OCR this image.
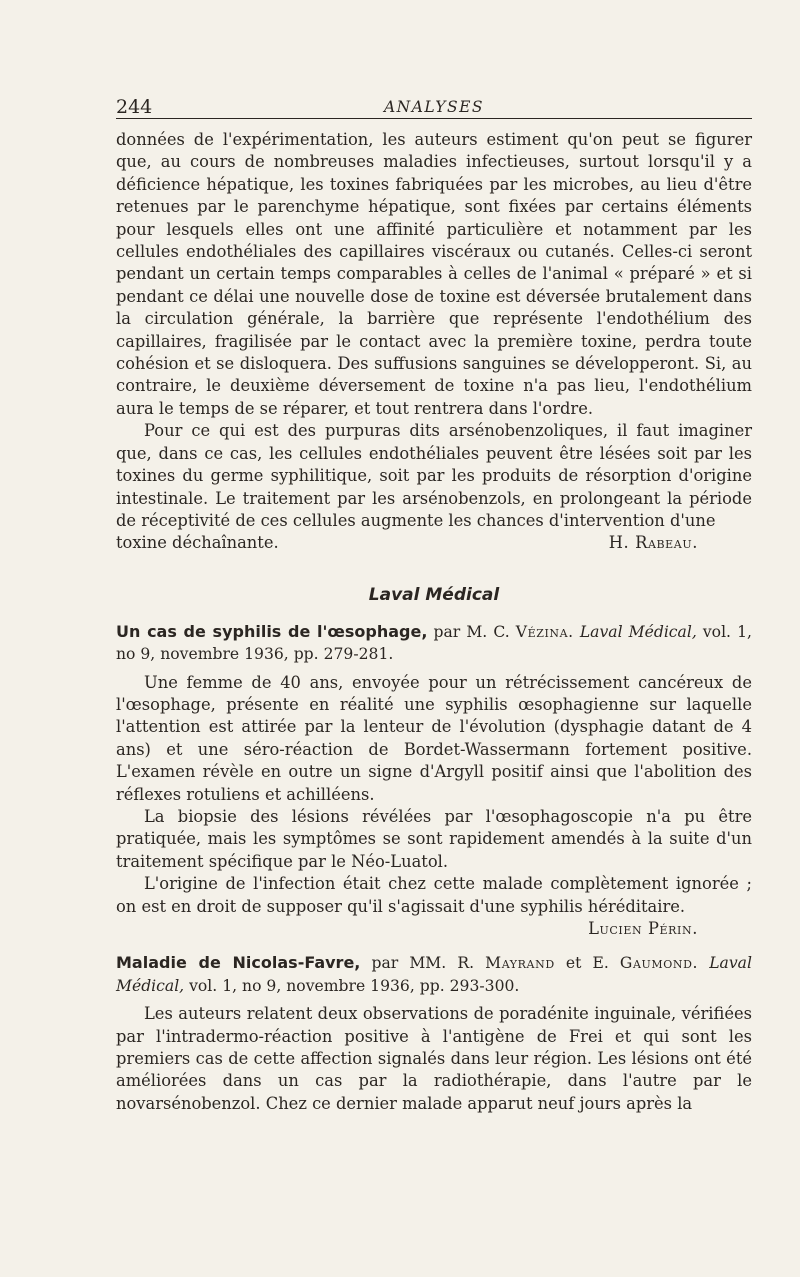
244	ANALYSES

données de l'expérimentation, les auteurs estiment qu'on peut se figurer que, au cours de nombreuses maladies infectieuses, surtout lorsqu'il y a déficience hépatique, les toxines fabriquées par les microbes, au lieu d'être retenues par le parenchyme hépatique, sont fixées par certains éléments pour lesquels elles ont une affinité particulière et notamment par les cellules endothéliales des capillaires viscéraux ou cutanés. Celles-ci seront pendant un certain temps comparables à celles de l'animal « préparé » et si pendant ce délai une nouvelle dose de toxine est déversée brutalement dans la circulation générale, la barrière que représente l'endothélium des capillaires, fragilisée par le contact avec la première toxine, perdra toute cohésion et se disloquera. Des suffusions sanguines se développeront. Si, au contraire, le deuxième déversement de toxine n'a pas lieu, l'endothélium aura le temps de se réparer, et tout rentrera dans l'ordre.

Pour ce qui est des purpuras dits arsénobenzoliques, il faut imaginer que, dans ce cas, les cellules endothéliales peuvent être lésées soit par les toxines du germe syphilitique, soit par les produits de résorption d'origine intestinale. Le traitement par les arsénobenzols, en prolongeant la période de réceptivité de ces cellules augmente les chances d'intervention d'une

toxine déchaînante.	H. Rabeau.
Laval Médical

Un cas de syphilis de l'œsophage, par M. C. Vézina. Laval Médical, vol. 1, no 9, novembre 1936, pp. 279-281.

Une femme de 40 ans, envoyée pour un rétrécissement cancéreux de l'œsophage, présente en réalité une syphilis œsophagienne sur laquelle l'attention est attirée par la lenteur de l'évolution (dysphagie datant de 4 ans) et une séro-réaction de Bordet-Wassermann fortement positive. L'examen révèle en outre un signe d'Argyll positif ainsi que l'abolition des réflexes rotuliens et achilléens.

La biopsie des lésions révélées par l'œsophagoscopie n'a pu être pratiquée, mais les symptômes se sont rapidement amendés à la suite d'un traitement spécifique par le Néo-Luatol.

L'origine de l'infection était chez cette malade complètement ignorée ; on est en droit de supposer qu'il s'agissait d'une syphilis héréditaire.

Lucien Périn.

Maladie de Nicolas-Favre, par MM. R. Mayrand et E. Gaumond. Laval Médical, vol. 1, no 9, novembre 1936, pp. 293-300.

Les auteurs relatent deux observations de poradénite inguinale, vérifiées par l'intradermo-réaction positive à l'antigène de Frei et qui sont les premiers cas de cette affection signalés dans leur région. Les lésions ont été améliorées dans un cas par la radiothérapie, dans l'autre par le novarsénobenzol. Chez ce dernier malade apparut neuf jours après la
